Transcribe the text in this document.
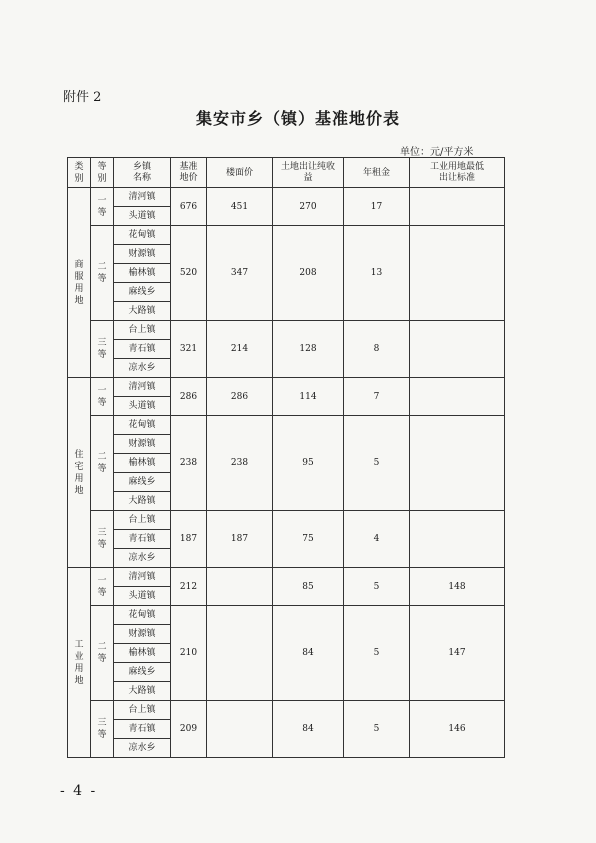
附件 2
集安市乡（镇）基准地价表
单位：元/平方米
类别	等别	乡镇名称	基准地价	楼面价	土地出让纯收益	年租金	工业用地最低出让标准
商服用地	一等	清河镇	676	451	270	17	
		头道镇					
	二等	花甸镇	520	347	208	13	
		财源镇					
		榆林镇					
		麻线乡					
		大路镇					
	三等	台上镇	321	214	128	8	
		青石镇					
		凉水乡					
住宅用地	一等	清河镇	286	286	114	7	
		头道镇					
	二等	花甸镇	238	238	95	5	
		财源镇					
		榆林镇					
		麻线乡					
		大路镇					
	三等	台上镇	187	187	75	4	
		青石镇					
		凉水乡					
工业用地	一等	清河镇	212		85	5	148
		头道镇					
	二等	花甸镇	210		84	5	147
		财源镇					
		榆林镇					
		麻线乡					
		大路镇					
	三等	台上镇	209		84	5	146
		青石镇					
		凉水乡					
- 4 -
